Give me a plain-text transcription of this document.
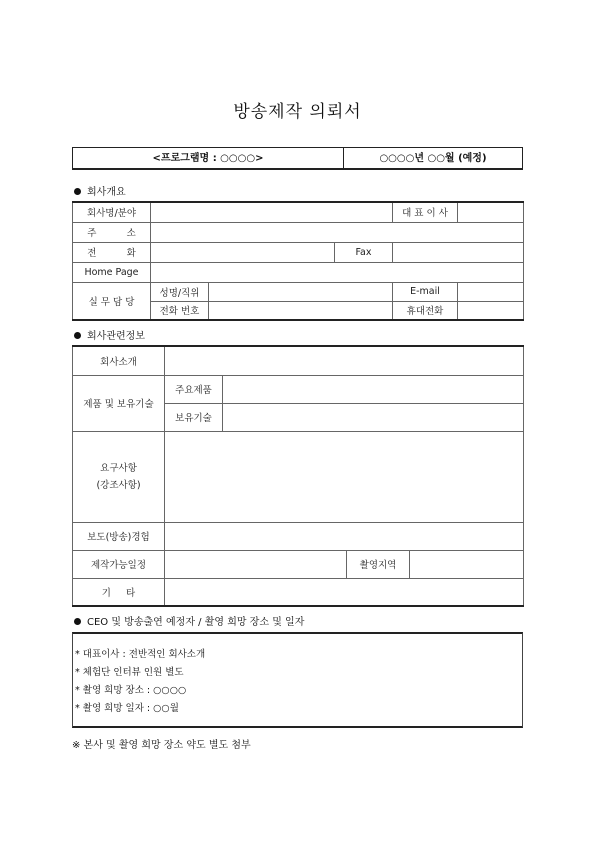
방송제작 의뢰서
<프로그램명 : ○○○○>	○○○○년 ○○월 (예정)
회사개요
회사명/분야				대 표 이 사	
주          소					
전          화			Fax		
Home Page					
실 무 담 당	성명/직위			E-mail	
	전화 번호			휴대전화	
회사관련정보
회사소개				
제품 및 보유기술	주요제품			
	보유기술			

요구사항
(강조사항)				

보도(방송)경험				
제작가능일정			촬영지역	
기     타				
CEO 및 방송출연 예정자 / 촬영 희망 장소 및 일자
* 대표이사 : 전반적인 회사소개
* 체험단 인터뷰 인원 별도
* 촬영 희망 장소 : ○○○○
* 촬영 희망 일자 : ○○월
※ 본사 및 촬영 희망 장소 약도 별도 첨부
